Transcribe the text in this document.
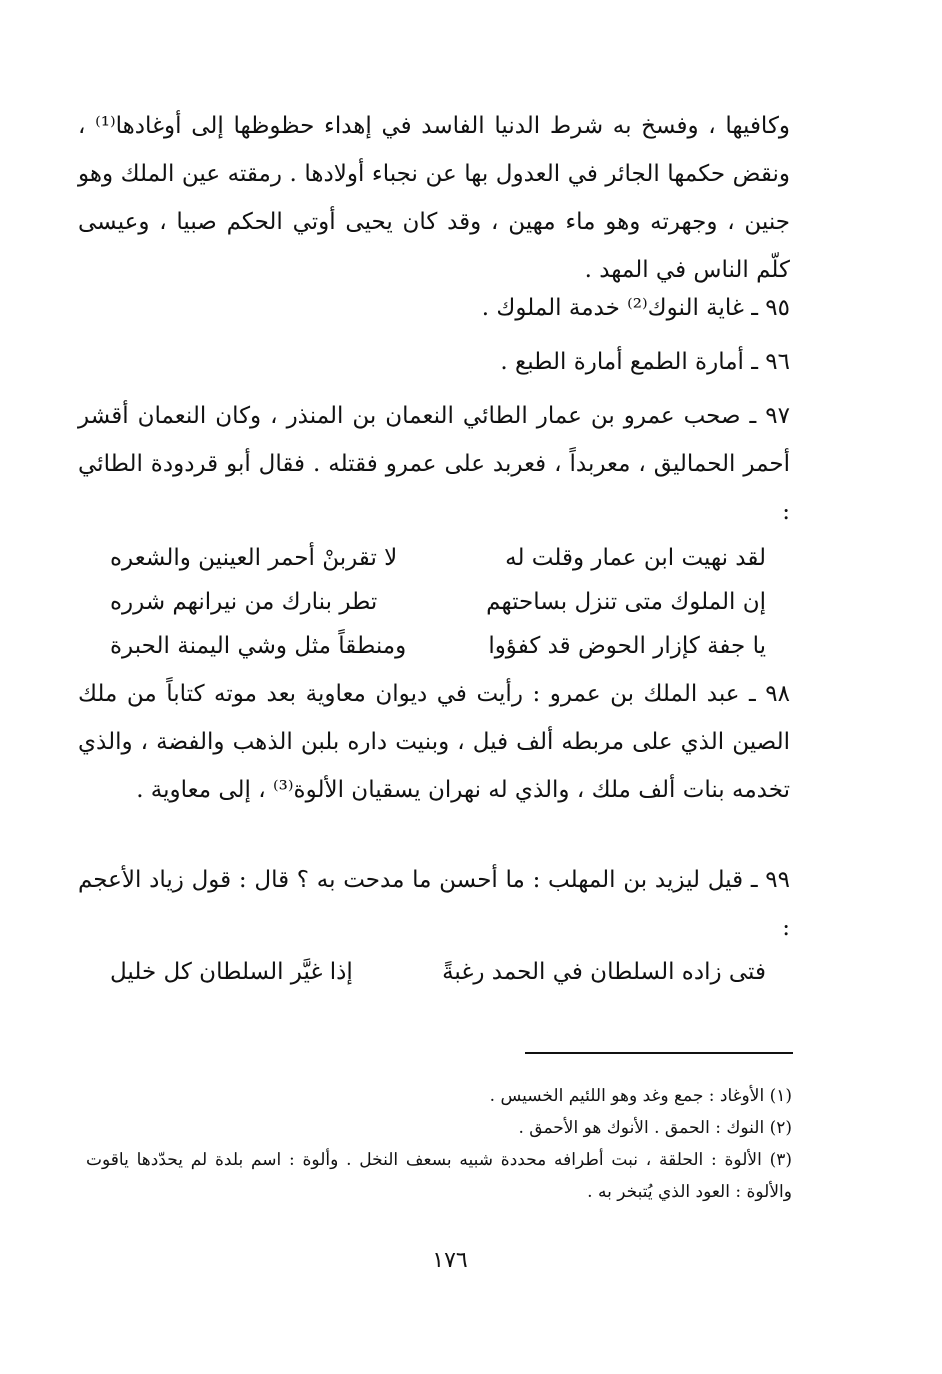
وكافيها ، وفسخ به شرط الدنيا الفاسد في إهداء حظوظها إلى أوغادها⁽¹⁾ ، ونقض حكمها الجائر في العدول بها عن نجباء أولادها . رمقته عين الملك وهو جنين ، وجهرته وهو ماء مهين ، وقد كان يحيى أوتي الحكم صبيا ، وعيسى كلّم الناس في المهد .

٩٥ ـ غاية النوك⁽²⁾ خدمة الملوك .

٩٦ ـ أمارة الطمع أمارة الطبع .

٩٧ ـ صحب عمرو بن عمار الطائي النعمان بن المنذر ، وكان النعمان أقشر أحمر الحماليق ، معربداً ، فعربد على عمرو فقتله . فقال أبو قردودة الطائي :

لقد نهيت ابن عمار وقلت له
لا تقربنْ أحمر العينين والشعره
إن الملوك متى تنزل بساحتهم
تطر بنارك من نيرانهم شرره
يا جفة كإزار الحوض قد كفؤوا
ومنطقاً مثل وشي اليمنة الحبرة

٩٨ ـ عبد الملك بن عمرو : رأيت في ديوان معاوية بعد موته كتاباً من ملك الصين الذي على مربطه ألف فيل ، وبنيت داره بلبن الذهب والفضة ، والذي تخدمه بنات ألف ملك ، والذي له نهران يسقيان الألوة⁽³⁾ ، إلى معاوية .

٩٩ ـ قيل ليزيد بن المهلب : ما أحسن ما مدحت به ؟ قال : قول زياد الأعجم :

فتى زاده السلطان في الحمد رغبةً
إذا غيَّر السلطان كل خليل

(١) الأوغاد : جمع وغد وهو اللئيم الخسيس .

(٢) النوك : الحمق . الأنوك هو الأحمق .

(٣) الألوة : الحلقة ، نبت أطرافه محددة شبيه بسعف النخل . وألوة : اسم بلدة لم يحدّدها ياقوت والألوة : العود الذي يُتبخر به .

١٧٦
